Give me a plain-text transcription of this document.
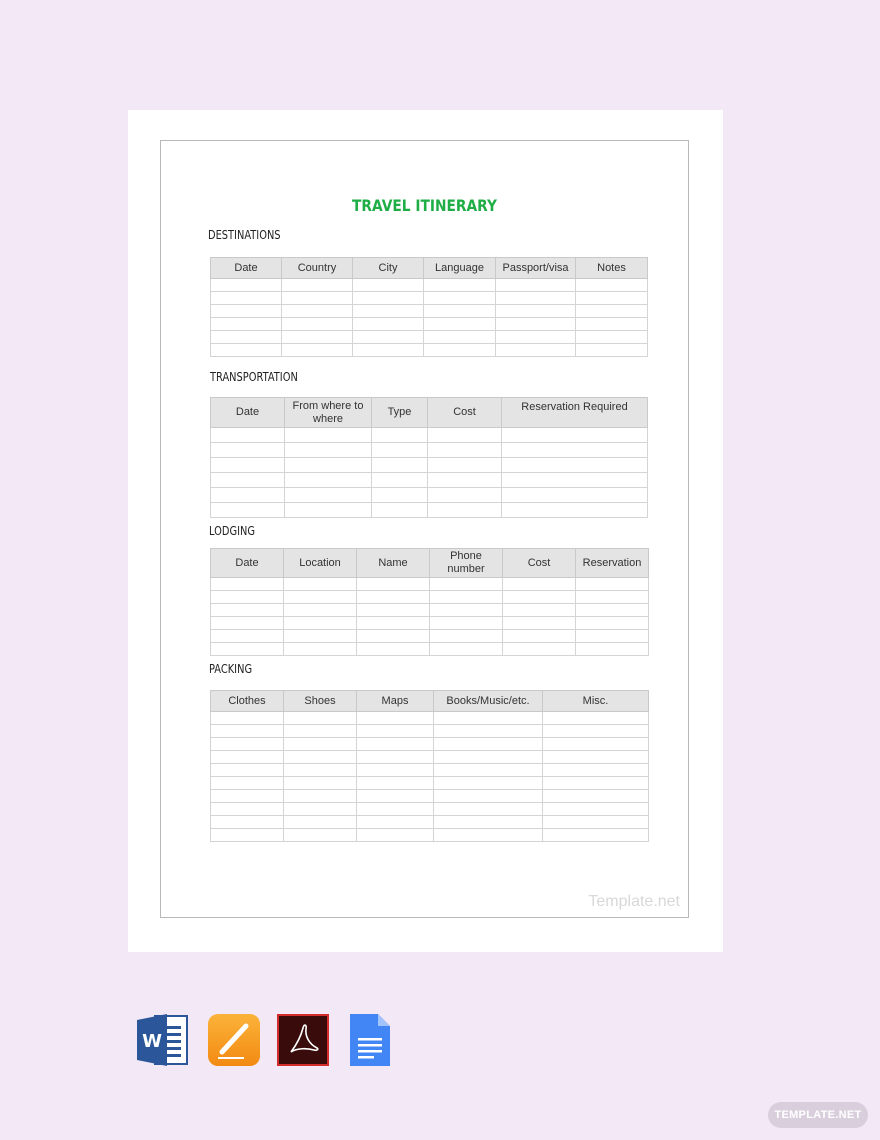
TRAVEL ITINERARY
DESTINATIONS
Date	Country	City	Language	Passport/visa	Notes

TRANSPORTATION
Date	From where to where	Type	Cost	Reservation Required

LODGING
Date	Location	Name	Phone number	Cost	Reservation

PACKING
Clothes	Shoes	Maps	Books/Music/etc.	Misc.

Template.net
W
TEMPLATE.NET
